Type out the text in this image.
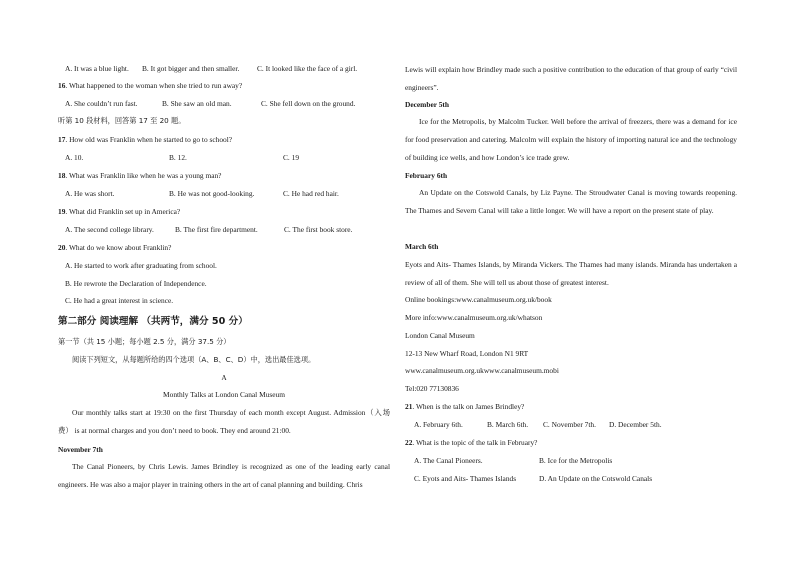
A. It was a blue light. B. It got bigger and then smaller. C. It looked like the face of a girl.
16. What happened to the woman when she tried to run away?
A. She couldn’t run fast.	B. She saw an old man.	C. She fell down on the ground.
听第 10 段材料，回答第 17 至 20 题。
17. How old was Franklin when he started to go to school?
A. 10.	B. 12.	C. 19
18. What was Franklin like when he was a young man?
A. He was short.	B. He was not good-looking.	C. He had red hair.
19. What did Franklin set up in America?
A. The second college library.	B. The first fire department.	C. The first book store.
20. What do we know about Franklin?
A. He started to work after graduating from school.
B. He rewrote the Declaration of Independence.
C. He had a great interest in science.
第二部分 阅读理解 （共两节，满分 50 分）
第一节（共 15 小题；每小题 2.5 分，满分 37.5 分）
阅读下列短文，从每题所给的四个选项（A、B、C、D）中，选出最佳选项。
A
Monthly Talks at London Canal Museum
Our monthly talks start at 19:30 on the first Thursday of each month except August. Admission（入场费） is at normal charges and you don’t need to book. They end around 21:00.
November 7th
The Canal Pioneers, by Chris Lewis. James Brindley is recognized as one of the leading early canal engineers. He was also a major player in training others in the art of canal planning and building. Chris
Lewis will explain how Brindley made such a positive contribution to the education of that group of early “civil engineers”.
December 5th
Ice for the Metropolis, by Malcolm Tucker. Well before the arrival of freezers, there was a demand for ice for food preservation and catering. Malcolm will explain the history of importing natural ice and the technology of building ice wells, and how London’s ice trade grew.
February 6th
An Update on the Cotswold Canals, by Liz Payne. The Stroudwater Canal is moving towards reopening. The Thames and Severn Canal will take a little longer. We will have a report on the present state of play.
March 6th
Eyots and Aits- Thames Islands, by Miranda Vickers. The Thames had many islands. Miranda has undertaken a review of all of them. She will tell us about those of greatest interest.
Online bookings:www.canalmuseum.org.uk/book
More info:www.canalmuseum.org.uk/whatson
London Canal Museum
12-13 New Wharf Road, London N1 9RT
www.canalmuseum.org.ukwww.canalmuseum.mobi
Tel:020 77130836
21. When is the talk on James Brindley?
A. February 6th.	B. March 6th. C. November 7th. D. December 5th.
22. What is the topic of the talk in February?
A. The Canal Pioneers.	B. Ice for the Metropolis
C. Eyots and Aits- Thames Islands	D. An Update on the Cotswold Canals
